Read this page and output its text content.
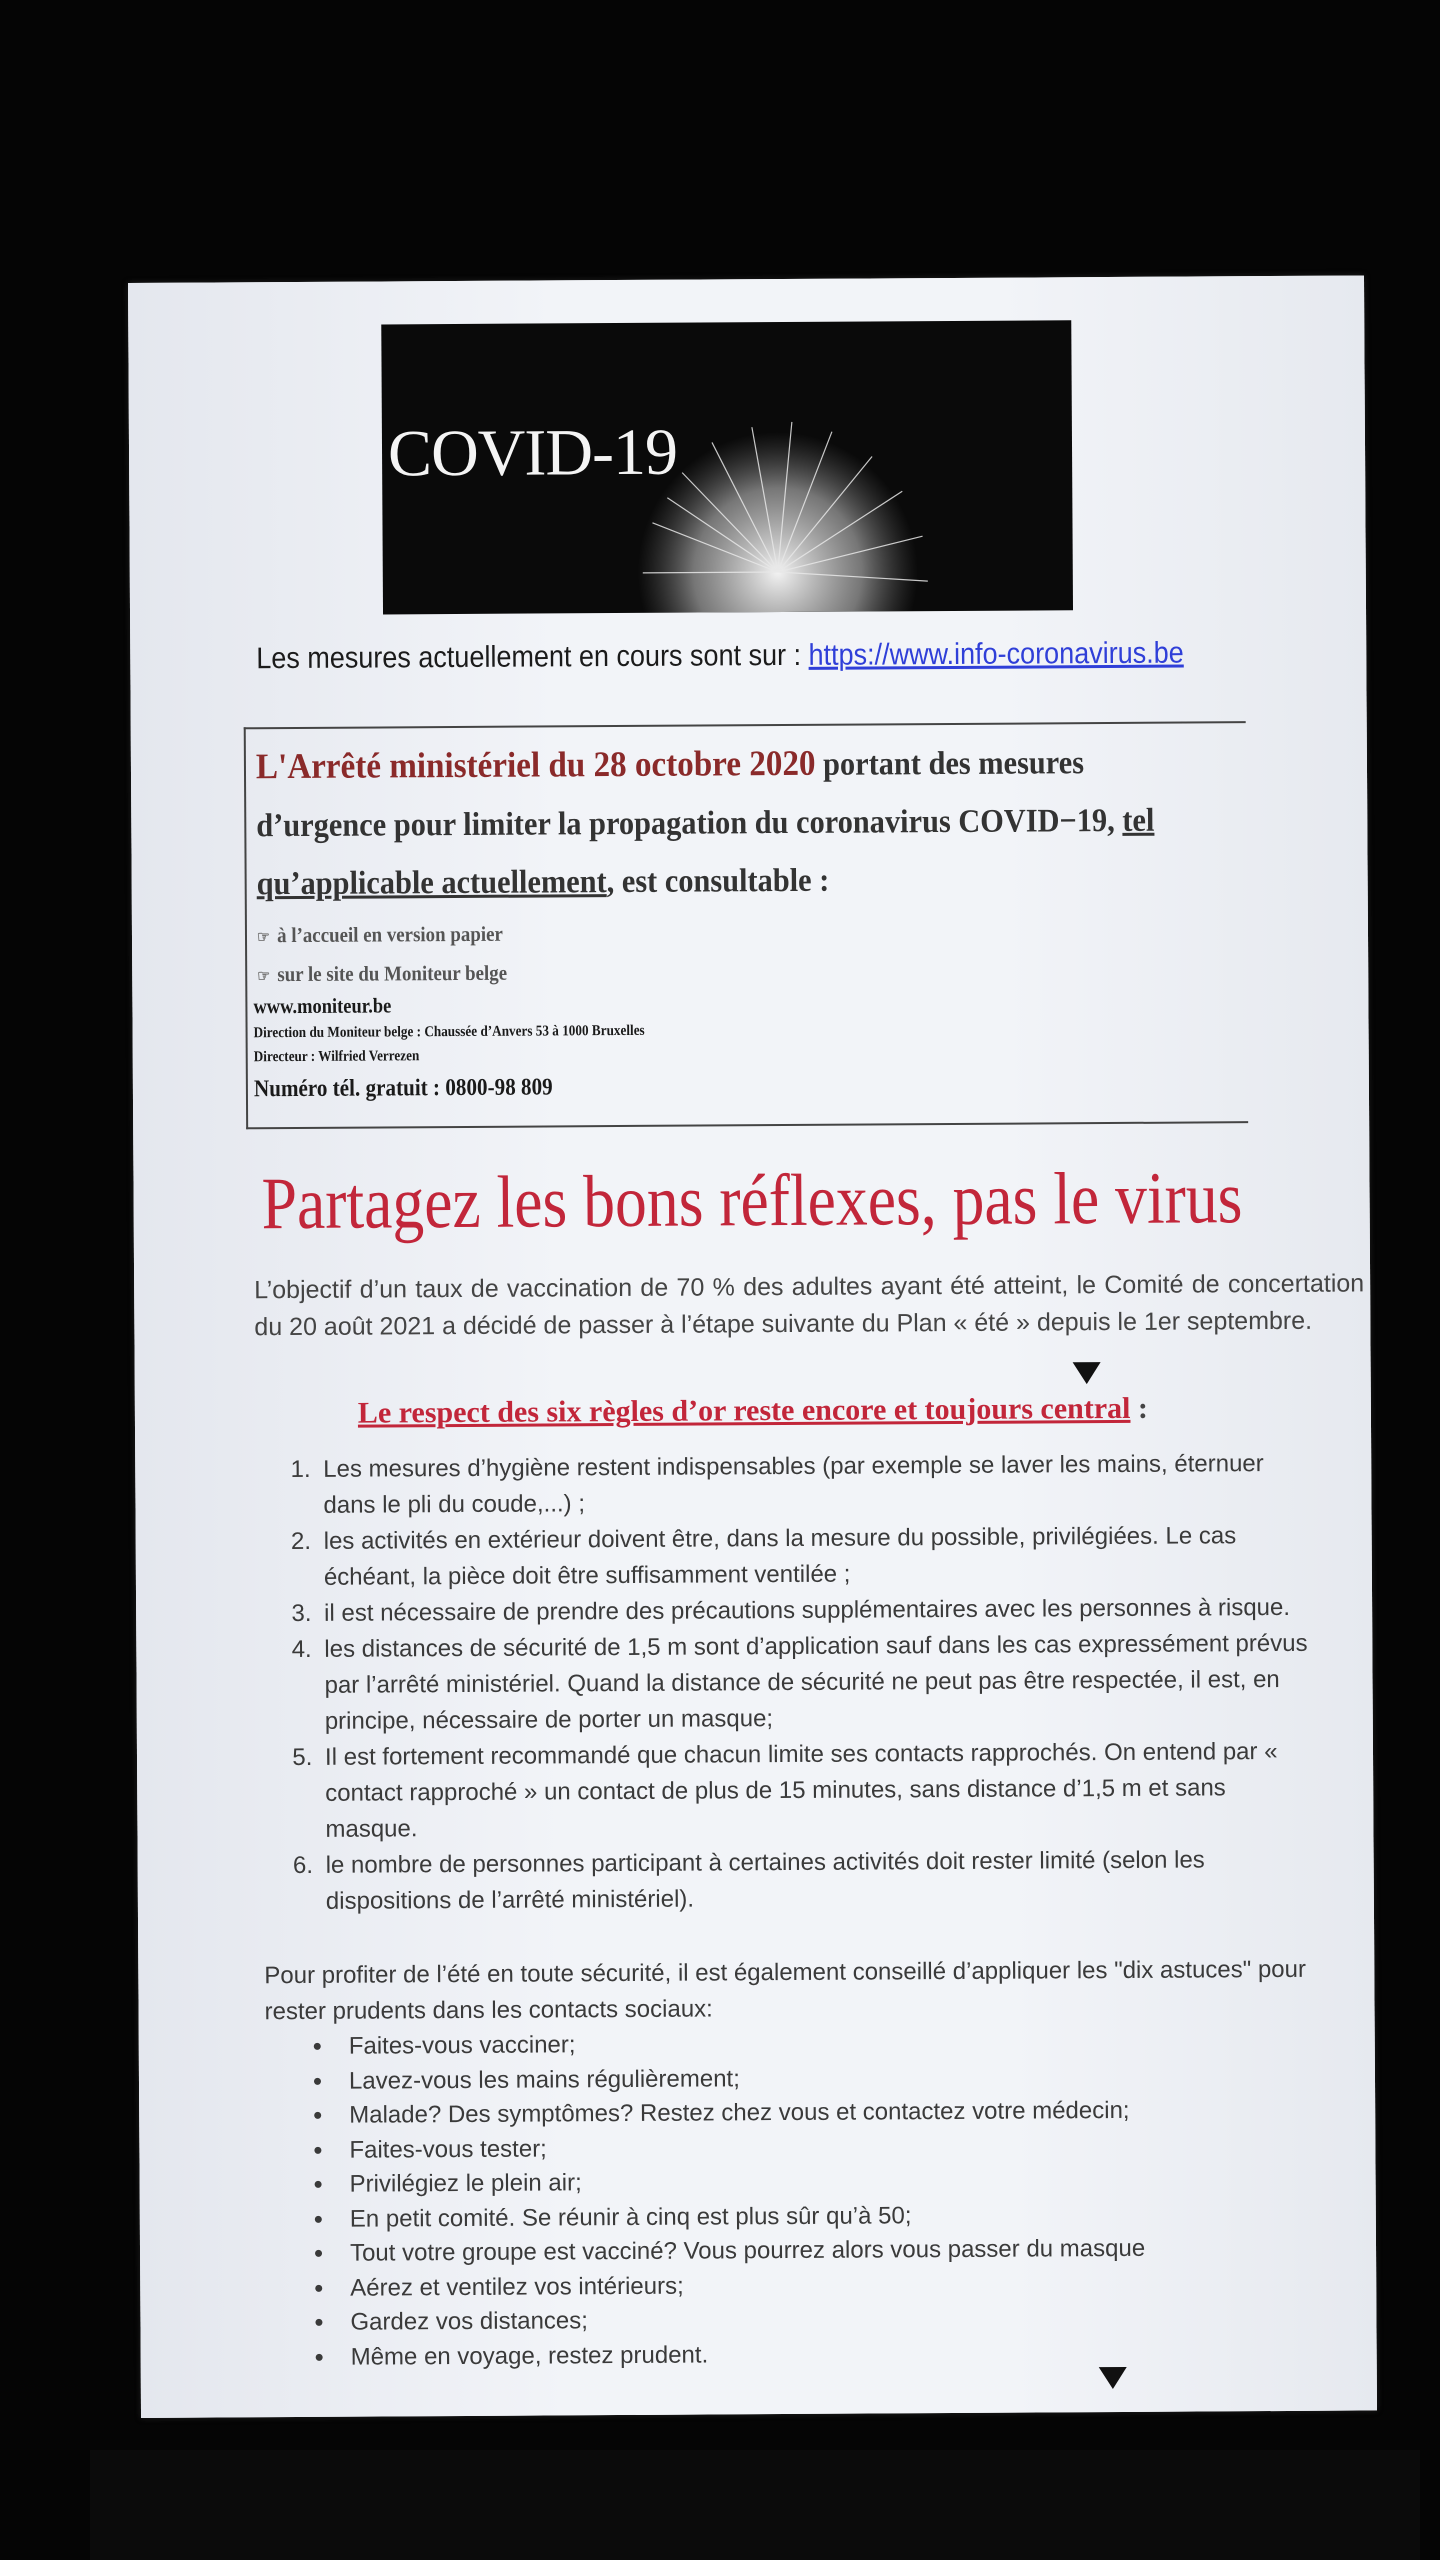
COVID-19
Les mesures actuellement en cours sont sur : https://www.info-coronavirus.be
L'Arrêté ministériel du 28 octobre 2020 portant des mesures d’urgence pour limiter la propagation du coronavirus COVID−19, tel qu’applicable actuellement, est consultable :
☞ à l’accueil en version papier
☞ sur le site du Moniteur belge
www.moniteur.be
Direction du Moniteur belge : Chaussée d’Anvers 53 à 1000 Bruxelles
Directeur : Wilfried Verrezen
Numéro tél. gratuit : 0800-98 809
Partagez les bons réflexes, pas le virus
L’objectif d’un taux de vaccination de 70 % des adultes ayant été atteint, le Comité de concertation du 20 août 2021 a décidé de passer à l’étape suivante du Plan « été » depuis le 1er septembre.
Le respect des six règles d’or reste encore et toujours central :
1. Les mesures d’hygiène restent indispensables (par exemple se laver les mains, éternuer dans le pli du coude,...) ;
2. les activités en extérieur doivent être, dans la mesure du possible, privilégiées. Le cas échéant, la pièce doit être suffisamment ventilée ;
3. il est nécessaire de prendre des précautions supplémentaires avec les personnes à risque.
4. les distances de sécurité de 1,5 m sont d’application sauf dans les cas expressément prévus par l’arrêté ministériel. Quand la distance de sécurité ne peut pas être respectée, il est, en principe, nécessaire de porter un masque;
5. Il est fortement recommandé que chacun limite ses contacts rapprochés. On entend par « contact rapproché » un contact de plus de 15 minutes, sans distance d’1,5 m et sans masque.
6. le nombre de personnes participant à certaines activités doit rester limité (selon les dispositions de l’arrêté ministériel).
Pour profiter de l’été en toute sécurité, il est également conseillé d’appliquer les "dix astuces" pour rester prudents dans les contacts sociaux:
• Faites-vous vacciner;
• Lavez-vous les mains régulièrement;
• Malade? Des symptômes? Restez chez vous et contactez votre médecin;
• Faites-vous tester;
• Privilégiez le plein air;
• En petit comité. Se réunir à cinq est plus sûr qu’à 50;
• Tout votre groupe est vacciné? Vous pourrez alors vous passer du masque
• Aérez et ventilez vos intérieurs;
• Gardez vos distances;
• Même en voyage, restez prudent.
